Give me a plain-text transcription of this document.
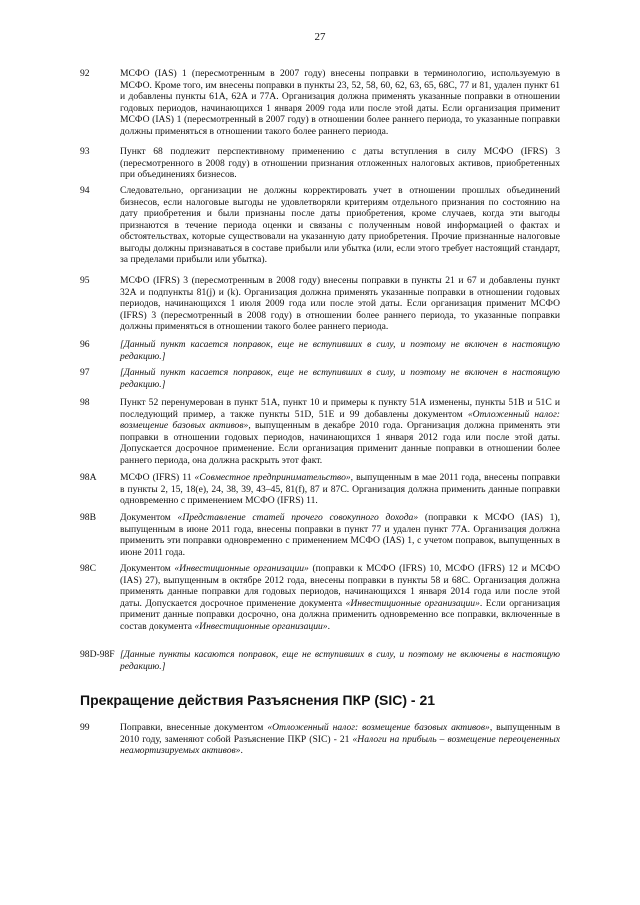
27
92	МСФО (IAS) 1 (пересмотренным в 2007 году) внесены поправки в терминологию, используемую в МСФО. Кроме того, им внесены поправки в пункты 23, 52, 58, 60, 62, 63, 65, 68С, 77 и 81, удален пункт 61 и добавлены пункты 61А, 62А и 77А. Организация должна применять указанные поправки в отношении годовых периодов, начинающихся 1 января 2009 года или после этой даты. Если организация применит МСФО (IAS) 1 (пересмотренный в 2007 году) в отношении более раннего периода, то указанные поправки должны применяться в отношении такого более раннего периода.
93	Пункт 68 подлежит перспективному применению с даты вступления в силу МСФО (IFRS) 3 (пересмотренного в 2008 году) в отношении признания отложенных налоговых активов, приобретенных при объединениях бизнесов.
94	Следовательно, организации не должны корректировать учет в отношении прошлых объединений бизнесов, если налоговые выгоды не удовлетворяли критериям отдельного признания по состоянию на дату приобретения и были признаны после даты приобретения, кроме случаев, когда эти выгоды признаются в течение периода оценки и связаны с полученным новой информацией о фактах и обстоятельствах, которые существовали на указанную дату приобретения. Прочие признанные налоговые выгоды должны признаваться в составе прибыли или убытка (или, если этого требует настоящий стандарт, за пределами прибыли или убытка).
95	МСФО (IFRS) 3 (пересмотренным в 2008 году) внесены поправки в пункты 21 и 67 и добавлены пункт 32А и подпункты 81(j) и (k). Организация должна применять указанные поправки в отношении годовых периодов, начинающихся 1 июля 2009 года или после этой даты. Если организация применит МСФО (IFRS) 3 (пересмотренный в 2008 году) в отношении более раннего периода, то указанные поправки должны применяться в отношении такого более раннего периода.
96	[Данный пункт касается поправок, еще не вступивших в силу, и поэтому не включен в настоящую редакцию.]
97	[Данный пункт касается поправок, еще не вступивших в силу, и поэтому не включен в настоящую редакцию.]
98	Пункт 52 перенумерован в пункт 51А, пункт 10 и примеры к пункту 51А изменены, пункты 51В и 51С и последующий пример, а также пункты 51D, 51Е и 99 добавлены документом «Отложенный налог: возмещение базовых активов», выпущенным в декабре 2010 года. Организация должна применять эти поправки в отношении годовых периодов, начинающихся 1 января 2012 года или после этой даты. Допускается досрочное применение. Если организация применит данные поправки в отношении более раннего периода, она должна раскрыть этот факт.
98А МСФО (IFRS) 11 «Совместное предпринимательство», выпущенным в мае 2011 года, внесены поправки в пункты 2, 15, 18(е), 24, 38, 39, 43–45, 81(f), 87 и 87С. Организация должна применить данные поправки одновременно с применением МСФО (IFRS) 11.
98В	Документом «Представление статей прочего совокупного дохода» (поправки к МСФО (IAS) 1), выпущенным в июне 2011 года, внесены поправки в пункт 77 и удален пункт 77А. Организация должна применить эти поправки одновременно с применением МСФО (IAS) 1, с учетом поправок, выпущенных в июне 2011 года.
98С	Документом «Инвестиционные организации» (поправки к МСФО (IFRS) 10, МСФО (IFRS) 12 и МСФО (IAS) 27), выпущенным в октябре 2012 года, внесены поправки в пункты 58 и 68С. Организация должна применять данные поправки для годовых периодов, начинающихся 1 января 2014 года или после этой даты. Допускается досрочное применение документа «Инвестиционные организации». Если организация применит данные поправки досрочно, она должна применить одновременно все поправки, включенные в состав документа «Инвестиционные организации».
98D-98F [Данные пункты касаются поправок, еще не вступивших в силу, и поэтому не включены в настоящую редакцию.]
Прекращение действия Разъяснения ПКР (SIC) - 21
99	Поправки, внесенные документом «Отложенный налог: возмещение базовых активов», выпущенным в 2010 году, заменяют собой Разъяснение ПКР (SIC) - 21 «Налоги на прибыль – возмещение переоцененных неамортизируемых активов».
